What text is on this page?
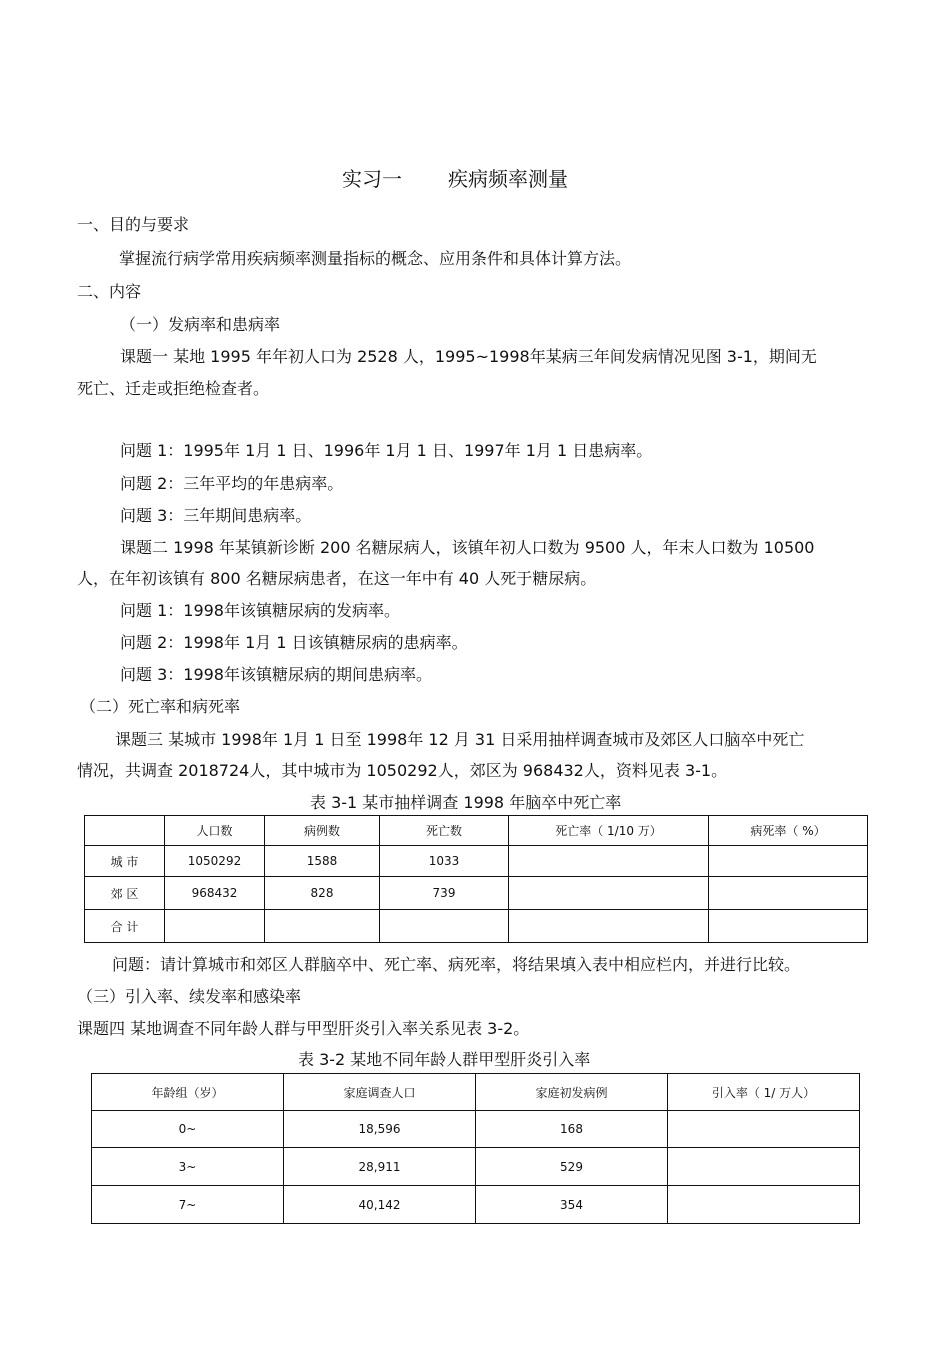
实习一 疾病频率测量
一、目的与要求
掌握流行病学常用疾病频率测量指标的概念、应用条件和具体计算方法。
二、内容
（一）发病率和患病率
课题一 某地 1995 年年初人口为 2528 人，1995~1998年某病三年间发病情况见图 3-1，期间无
死亡、迁走或拒绝检查者。
问题 1：1995年 1月 1 日、1996年 1月 1 日、1997年 1月 1 日患病率。
问题 2：三年平均的年患病率。
问题 3：三年期间患病率。
课题二 1998 年某镇新诊断 200 名糖尿病人，该镇年初人口数为 9500 人，年末人口数为 10500
人，在年初该镇有 800 名糖尿病患者，在这一年中有 40 人死于糖尿病。
问题 1：1998年该镇糖尿病的发病率。
问题 2：1998年 1月 1 日该镇糖尿病的患病率。
问题 3：1998年该镇糖尿病的期间患病率。
（二）死亡率和病死率
课题三 某城市 1998年 1月 1 日至 1998年 12 月 31 日采用抽样调查城市及郊区人口脑卒中死亡
情况，共调查 2018724人，其中城市为 1050292人，郊区为 968432人，资料见表 3-1。
表 3-1 某市抽样调查 1998 年脑卒中死亡率
	人口数	病例数	死亡数	死亡率（ 1/10 万）	病死率（ %）
城 市	1050292	1588	1033		
郊 区	968432	828	739		
合 计					
问题：请计算城市和郊区人群脑卒中、死亡率、病死率，将结果填入表中相应栏内，并进行比较。
（三）引入率、续发率和感染率
课题四 某地调查不同年龄人群与甲型肝炎引入率关系见表 3-2。
表 3-2 某地不同年龄人群甲型肝炎引入率
年龄组（岁）	家庭调查人口	家庭初发病例	引入率（ 1/ 万人）
0~	18,596	168	
3~	28,911	529	
7~	40,142	354	
